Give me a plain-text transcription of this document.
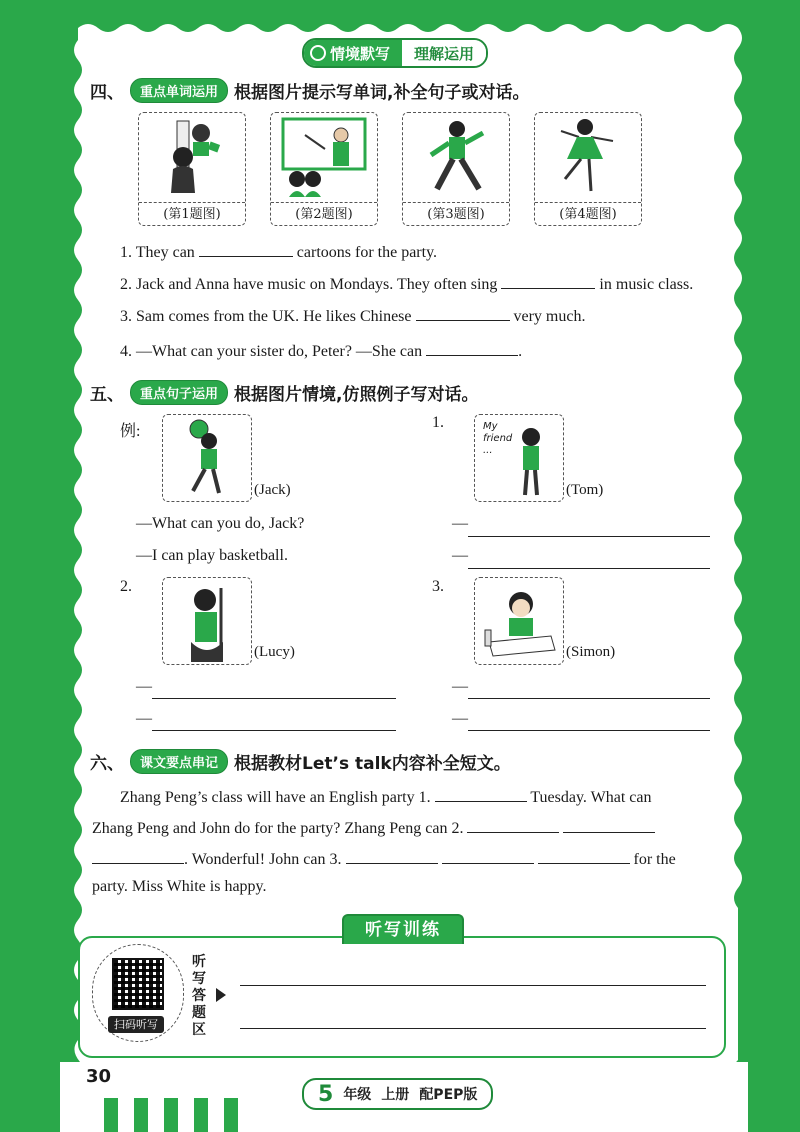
情境默写	理解运用
四、	重点单词运用 根据图片提示写单词,补全句子或对话。
(第1题图)	(第2题图)	(第3题图)	(第4题图)
1. They can	cartoons for the party.
2. Jack and Anna have music on Mondays. They often sing	in music class.
3. Sam comes from the UK. He likes Chinese	very much.
4. —What can your sister do, Peter? —She can	.
五、	重点句子运用 根据图片情境,仿照例子写对话。
例:
(Jack)
—What can you do, Jack?
—I can play basketball.
1.	My friend ...
(Tom)
—
—
2.
(Lucy)
—
—
3.
(Simon)
—
—
六、	课文要点串记 根据教材Let’s talk内容补全短文。
Zhang Peng’s class will have an English party 1.	Tuesday. What can
Zhang Peng and John do for the party? Zhang Peng can 2.
. Wonderful! John can 3.	for the
party. Miss White is happy.
听写训练
扫码听写
听写答题区
30
5 年级 上册 配PEP版
